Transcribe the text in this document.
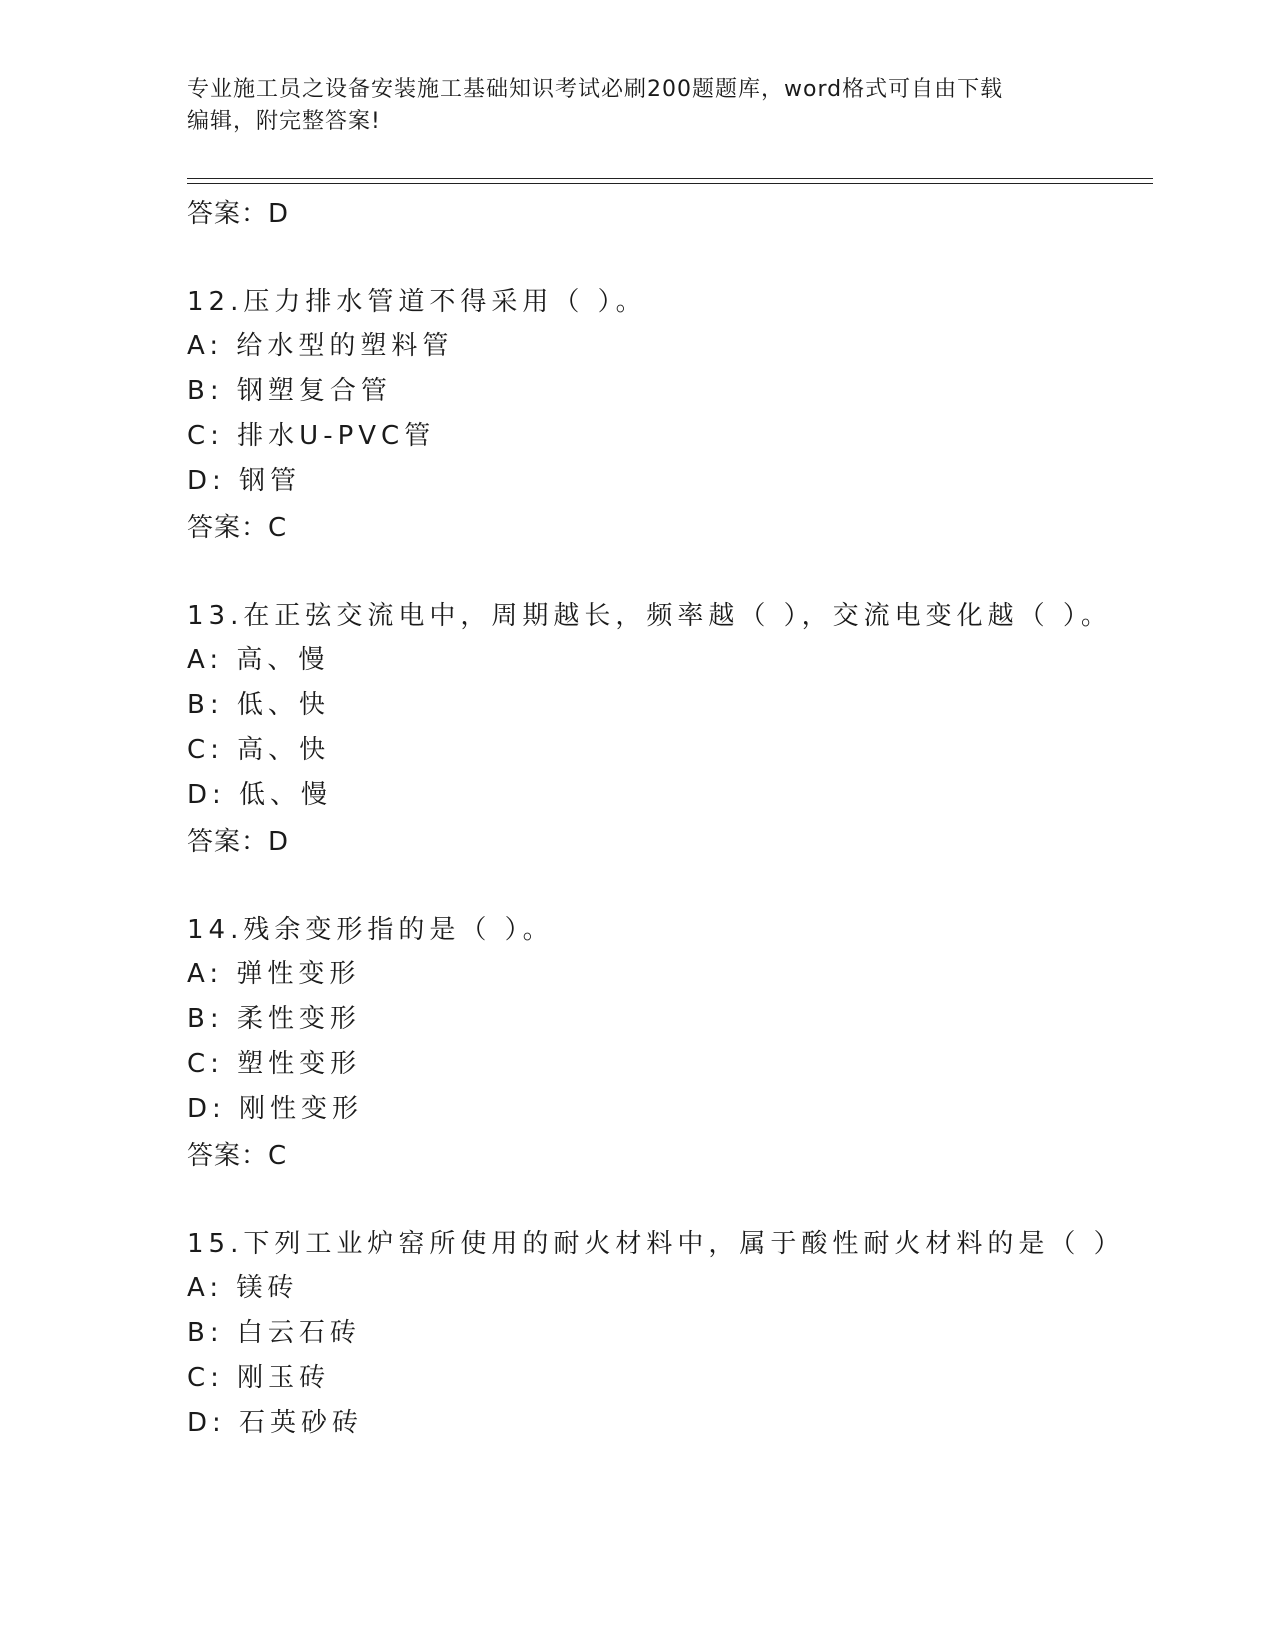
专业施工员之设备安装施工基础知识考试必刷200题题库，word格式可自由下载
编辑，附完整答案!
答案：D
12.压力排水管道不得采用（ ）。
A: 给水型的塑料管
B: 钢塑复合管
C: 排水U-PVC管
D: 钢管
答案：C
13.在正弦交流电中，周期越长，频率越（ ），交流电变化越（ ）。
A: 高、慢
B: 低、快
C: 高、快
D: 低、慢
答案：D
14.残余变形指的是（ ）。
A: 弹性变形
B: 柔性变形
C: 塑性变形
D: 刚性变形
答案：C
15.下列工业炉窑所使用的耐火材料中，属于酸性耐火材料的是（ ）
A: 镁砖
B: 白云石砖
C: 刚玉砖
D: 石英砂砖
